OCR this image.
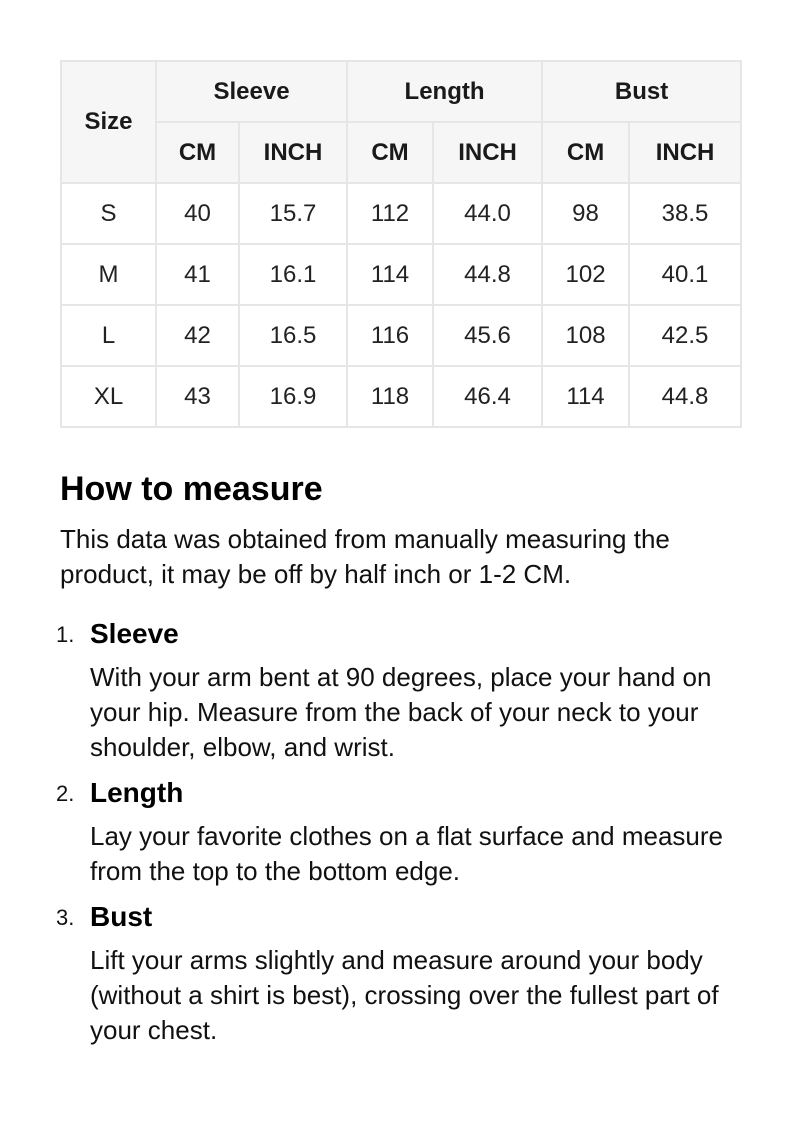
Size	Sleeve		Length		Bust	
	CM	INCH	CM	INCH	CM	INCH
S	40	15.7	112	44.0	98	38.5
M	41	16.1	114	44.8	102	40.1
L	42	16.5	116	45.6	108	42.5
XL	43	16.9	118	46.4	114	44.8
How to measure

This data was obtained from manually measuring the product, it may be off by half inch or 1-2 CM.

1. Sleeve
With your arm bent at 90 degrees, place your hand on your hip. Measure from the back of your neck to your shoulder, elbow, and wrist.
2. Length
Lay your favorite clothes on a flat surface and measure from the top to the bottom edge.
3. Bust
Lift your arms slightly and measure around your body (without a shirt is best), crossing over the fullest part of your chest.
